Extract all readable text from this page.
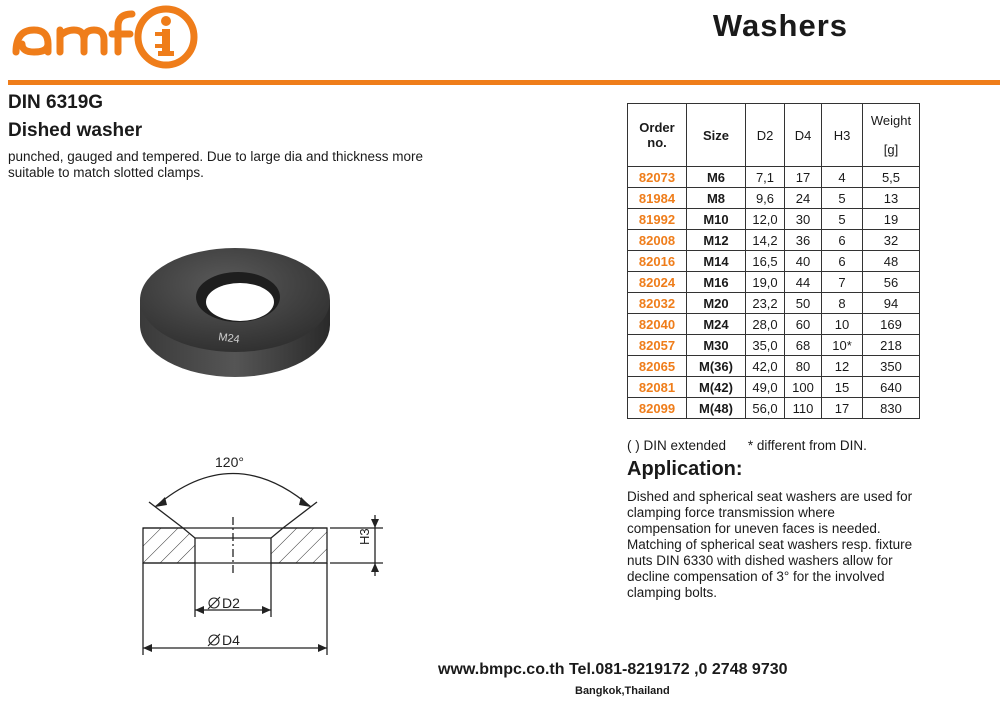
Washers
DIN 6319G
Dished washer
punched, gauged and tempered. Due to large dia and thickness more suitable to match slotted clamps.
M24
120°
H3
D2
D4
Order no.	Size	D2	D4	H3	Weight
[g]

82073	M6	7,1	17	4	5,5
81984	M8	9,6	24	5	13
81992	M10	12,0	30	5	19
82008	M12	14,2	36	6	32
82016	M14	16,5	40	6	48
82024	M16	19,0	44	7	56
82032	M20	23,2	50	8	94
82040	M24	28,0	60	10	169
82057	M30	35,0	68	10*	218
82065	M(36)	42,0	80	12	350
82081	M(42)	49,0	100	15	640
82099	M(48)	56,0	110	17	830
( ) DIN extended * different from DIN.
Application:
Dished and spherical seat washers are used for clamping force transmission where compensation for uneven faces is needed. Matching of spherical seat washers resp. fixture nuts DIN 6330 with dished washers allow for decline compensation of 3° for the involved clamping bolts.
www.bmpc.co.th Tel.081-8219172 ,0 2748 9730
Bangkok,Thailand
